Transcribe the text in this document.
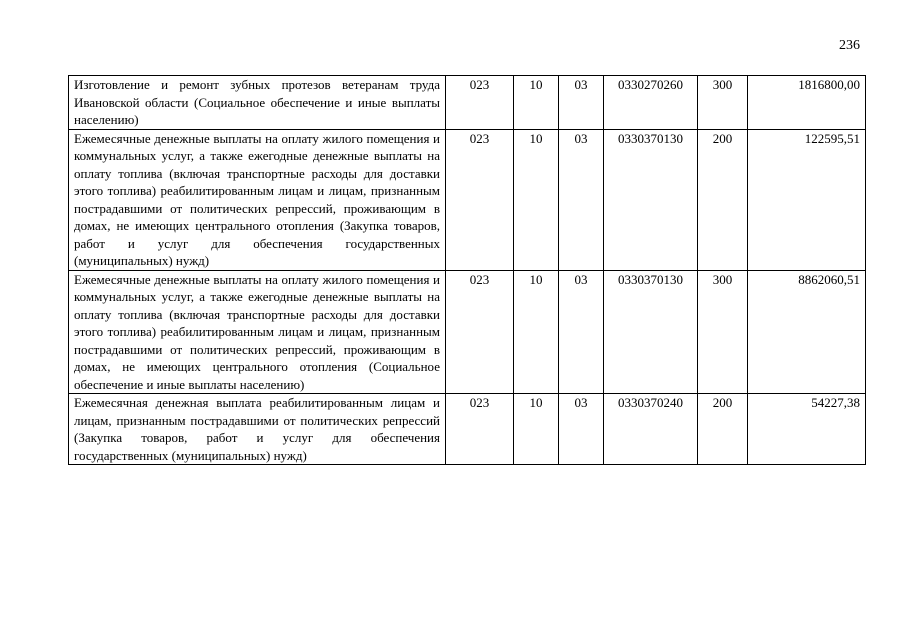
236
Изготовление и ремонт зубных протезов ветеранам труда Ивановской области (Социальное обеспечение и иные выплаты населению)	023	10	03	0330270260	300	1816800,00
Ежемесячные денежные выплаты на оплату жилого помещения и коммунальных услуг, а также ежегодные денежные выплаты на оплату топлива (включая транспортные расходы для доставки этого топлива) реабилитированным лицам и лицам, признанным пострадавшими от политических репрессий, проживающим в домах, не имеющих центрального отопления (Закупка товаров, работ и услуг для обеспечения государственных (муниципальных) нужд)	023	10	03	0330370130	200	122595,51
Ежемесячные денежные выплаты на оплату жилого помещения и коммунальных услуг, а также ежегодные денежные выплаты на оплату топлива (включая транспортные расходы для доставки этого топлива) реабилитированным лицам и лицам, признанным пострадавшими от политических репрессий, проживающим в домах, не имеющих центрального отопления (Социальное обеспечение и иные выплаты населению)	023	10	03	0330370130	300	8862060,51
Ежемесячная денежная выплата реабилитированным лицам и лицам, признанным пострадавшими от политических репрессий (Закупка товаров, работ и услуг для обеспечения государственных (муниципальных) нужд)	023	10	03	0330370240	200	54227,38
